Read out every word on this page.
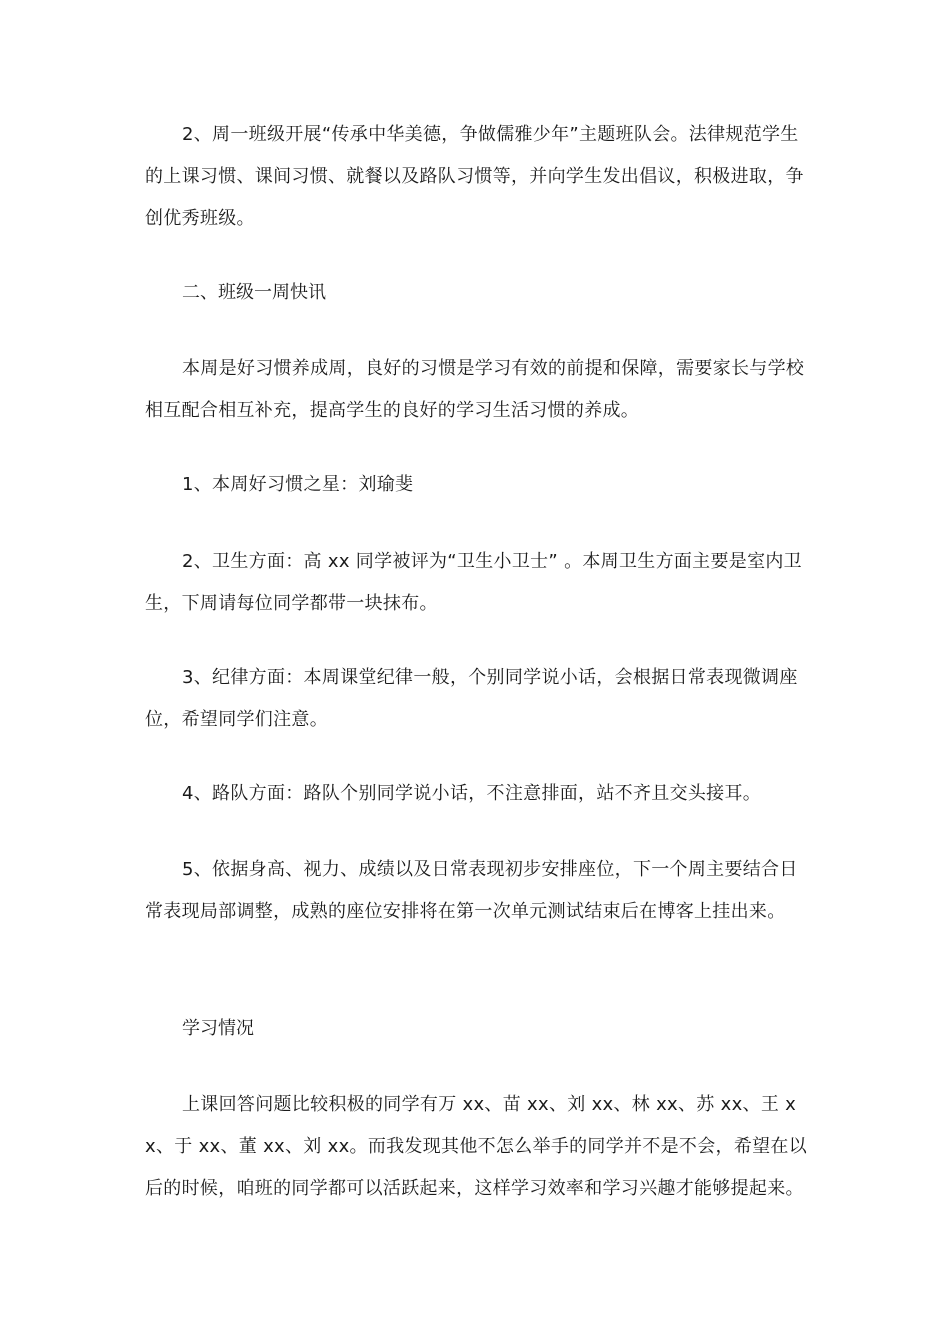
2、周一班级开展“传承中华美德，争做儒雅少年”主题班队会。法律规范学生的上课习惯、课间习惯、就餐以及路队习惯等，并向学生发出倡议，积极进取，争创优秀班级。

二、班级一周快讯

本周是好习惯养成周，良好的习惯是学习有效的前提和保障，需要家长与学校相互配合相互补充，提高学生的良好的学习生活习惯的养成。

1、本周好习惯之星：刘瑜斐

2、卫生方面：高 xx 同学被评为“卫生小卫士” 。本周卫生方面主要是室内卫生，下周请每位同学都带一块抹布。

3、纪律方面：本周课堂纪律一般，个别同学说小话，会根据日常表现微调座位，希望同学们注意。

4、路队方面：路队个别同学说小话，不注意排面，站不齐且交头接耳。

5、依据身高、视力、成绩以及日常表现初步安排座位，下一个周主要结合日常表现局部调整，成熟的座位安排将在第一次单元测试结束后在博客上挂出来。

学习情况

上课回答问题比较积极的同学有万 xx、苗 xx、刘 xx、林 xx、苏 xx、王 xx、于 xx、董 xx、刘 xx。而我发现其他不怎么举手的同学并不是不会，希望在以后的时候，咱班的同学都可以活跃起来，这样学习效率和学习兴趣才能够提起来。
